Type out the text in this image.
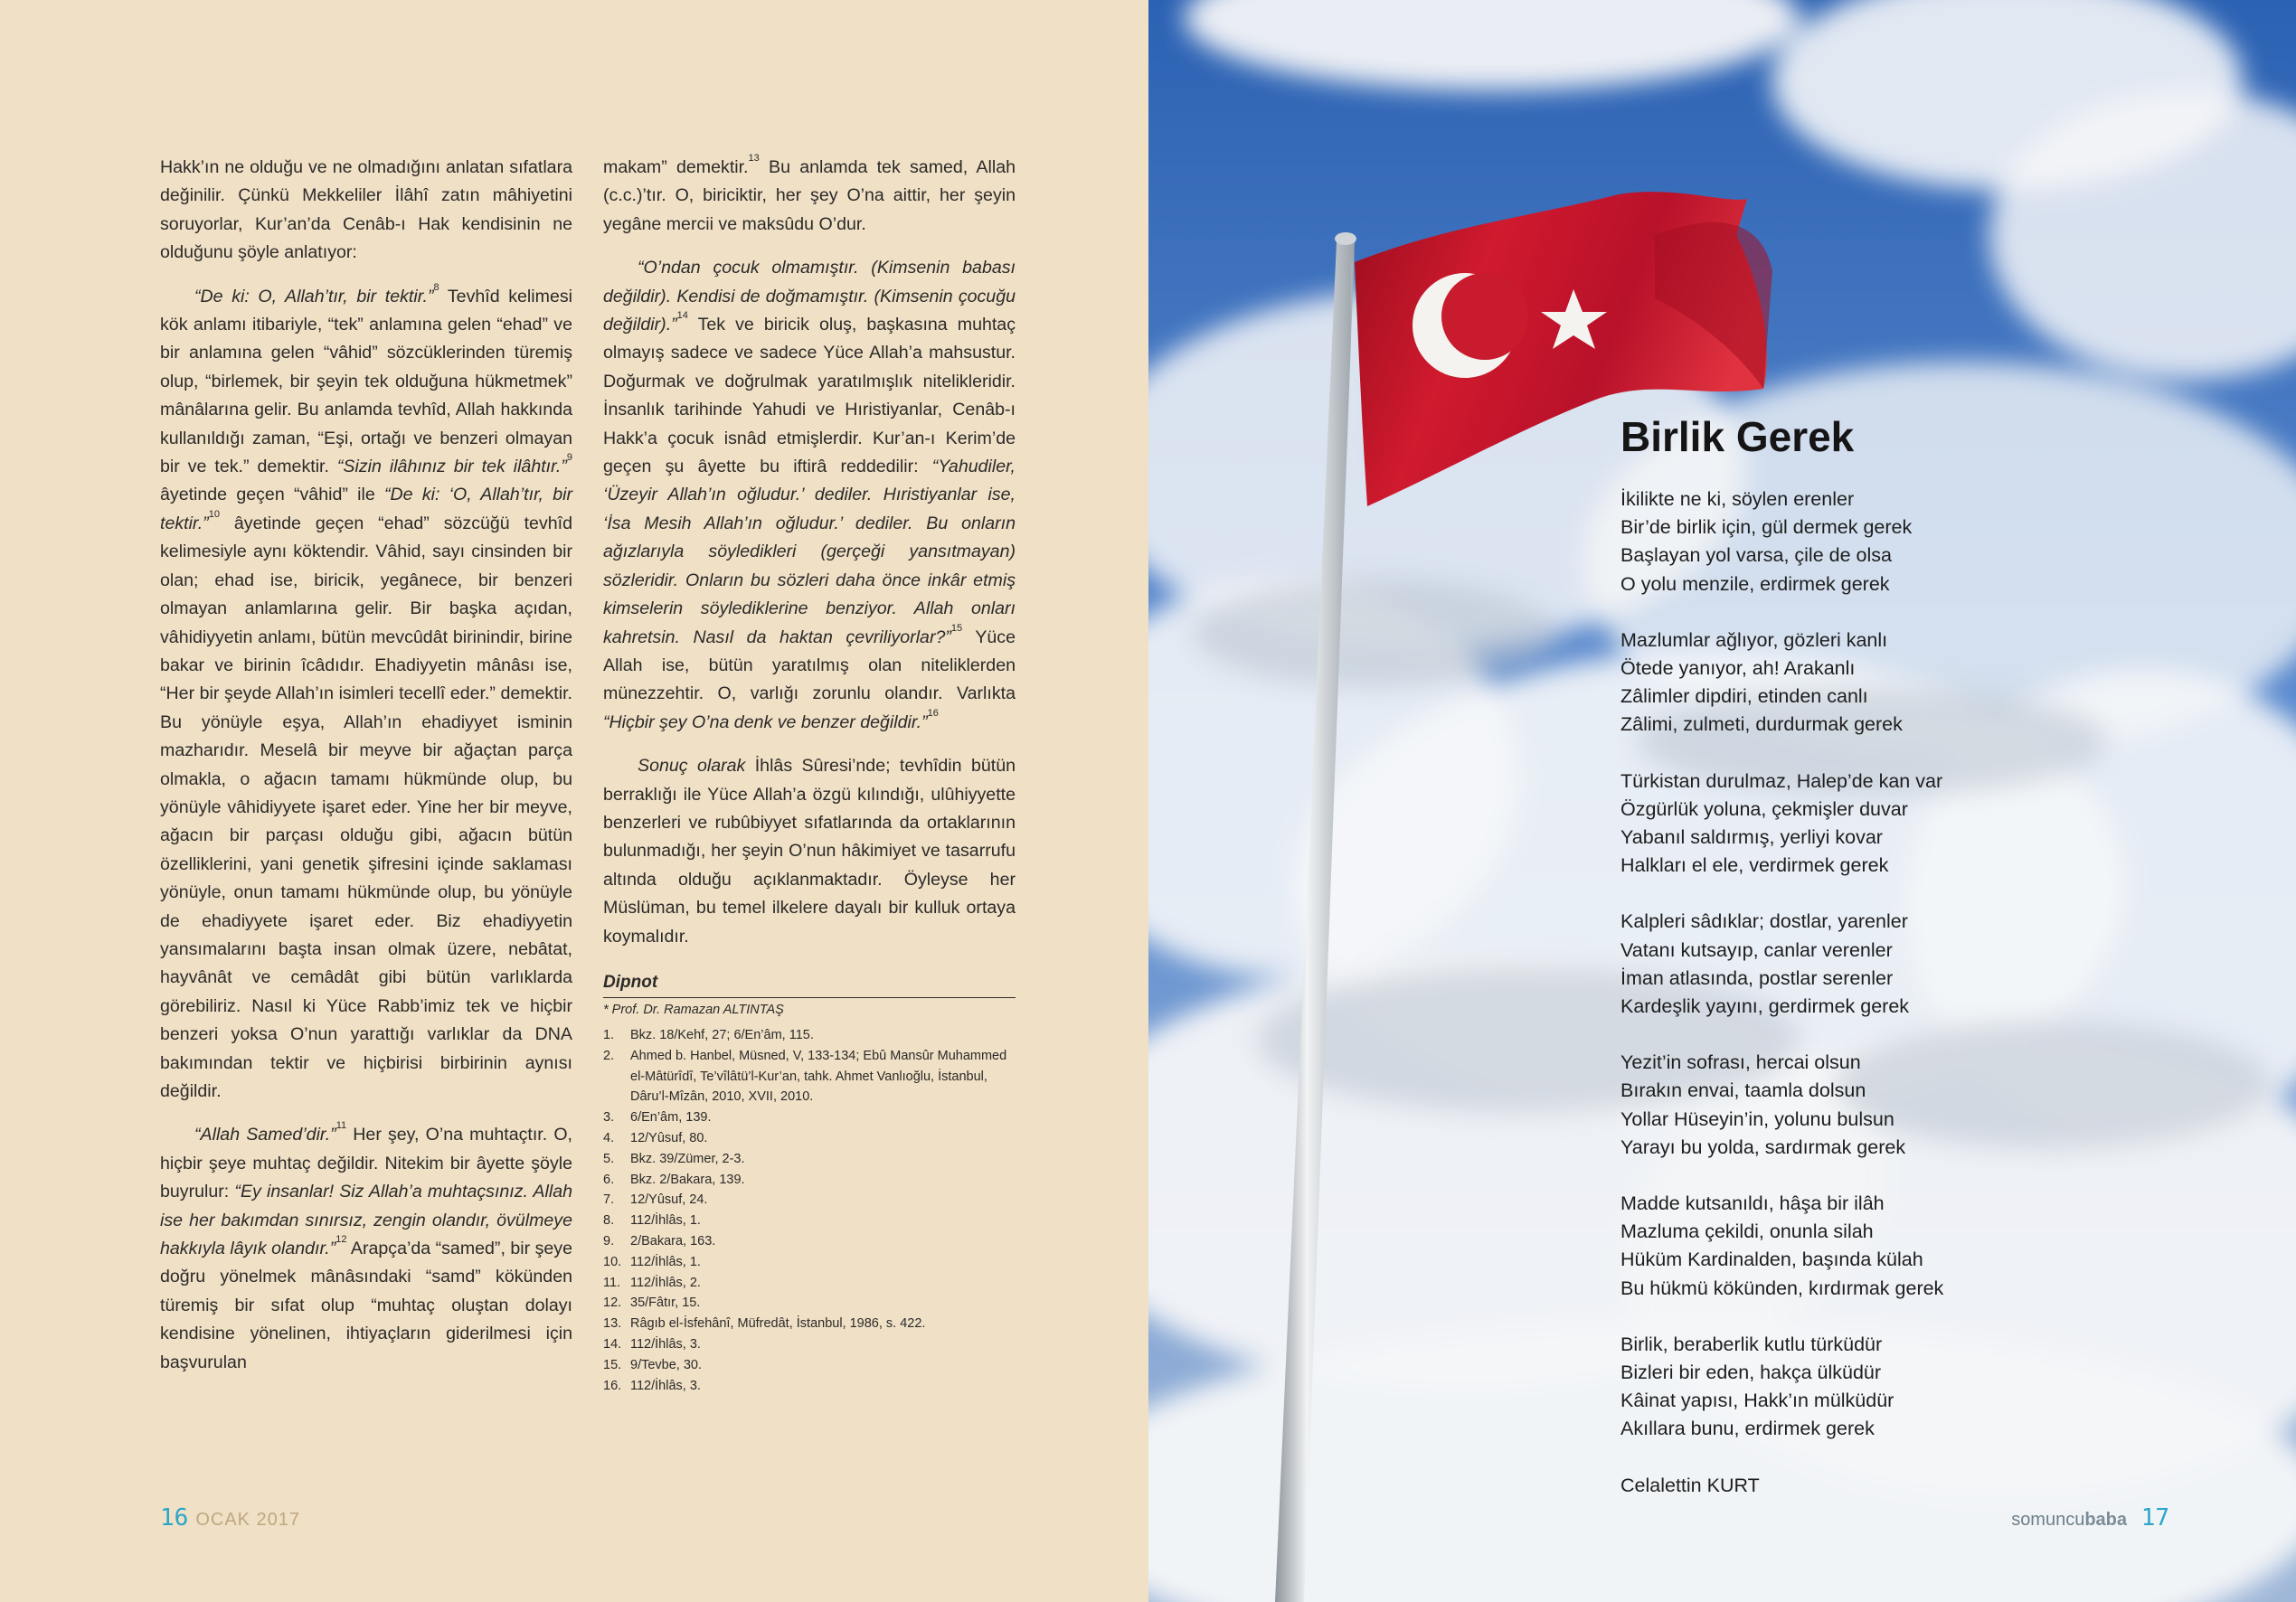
Hakk’ın ne olduğu ve ne olmadığını anlatan sıfatlara değinilir. Çünkü Mekkeliler İlâhî zatın mâhiyetini soruyorlar, Kur’an’da Cenâb-ı Hak kendisinin ne olduğunu şöyle anlatıyor:

“De ki: O, Allah’tır, bir tektir.”$^8$ Tevhîd kelimesi kök anlamı itibariyle, “tek” anlamına gelen “ehad” ve bir anlamına gelen “vâhid” sözcüklerinden türemiş olup, “birlemek, bir şeyin tek olduğuna hükmetmek” mânâlarına gelir. Bu anlamda tevhîd, Allah hakkında kullanıldığı zaman, “Eşi, ortağı ve benzeri olmayan bir ve tek.” demektir. “Sizin ilâhınız bir tek ilâhtır.”$^9$ âyetinde geçen “vâhid” ile “De ki: ‘O, Allah’tır, bir tektir.”$^{10}$ âyetinde geçen “ehad” sözcüğü tevhîd kelimesiyle aynı köktendir. Vâhid, sayı cinsinden bir olan; ehad ise, biricik, yegânece, bir benzeri olmayan anlamlarına gelir. Bir başka açıdan, vâhidiyyetin anlamı, bütün mevcûdât birinindir, birine bakar ve birinin îcâdıdır. Ehadiyyetin mânâsı ise, “Her bir şeyde Allah’ın isimleri tecellî eder.” demektir. Bu yönüyle eşya, Allah’ın ehadiyyet isminin mazharıdır. Meselâ bir meyve bir ağaçtan parça olmakla, o ağacın tamamı hükmünde olup, bu yönüyle vâhidiyyete işaret eder. Yine her bir meyve, ağacın bir parçası olduğu gibi, ağacın bütün özelliklerini, yani genetik şifresini içinde saklaması yönüyle, onun tamamı hükmünde olup, bu yönüyle de ehadiyyete işaret eder. Biz ehadiyyetin yansımalarını başta insan olmak üzere, nebâtat, hayvânât ve cemâdât gibi bütün varlıklarda görebiliriz. Nasıl ki Yüce Rabb’imiz tek ve hiçbir benzeri yoksa O’nun yarattığı varlıklar da DNA bakımından tektir ve hiçbirisi birbirinin aynısı değildir.

“Allah Samed’dir.”$^{11}$ Her şey, O’na muhtaçtır. O, hiçbir şeye muhtaç değildir. Nitekim bir âyette şöyle buyrulur: “Ey insanlar! Siz Allah’a muhtaçsınız. Allah ise her bakımdan sınırsız, zengin olandır, övülmeye hakkıyla lâyık olandır.”$^{12}$ Arapça’da “samed”, bir şeye doğru yönelmek mânâsındaki “samd” kökünden türemiş bir sıfat olup “muhtaç oluştan dolayı kendisine yönelinen, ihtiyaçların giderilmesi için başvurulan

makam” demektir.$^{13}$ Bu anlamda tek samed, Allah (c.c.)’tır. O, biriciktir, her şey O’na aittir, her şeyin yegâne mercii ve maksûdu O’dur.

“O’ndan çocuk olmamıştır. (Kimsenin babası değildir). Kendisi de doğmamıştır. (Kimsenin çocuğu değildir).”$^{14}$ Tek ve biricik oluş, başkasına muhtaç olmayış sadece ve sadece Yüce Allah’a mahsustur. Doğurmak ve doğrulmak yaratılmışlık nitelikleridir. İnsanlık tarihinde Yahudi ve Hıristiyanlar, Cenâb-ı Hakk’a çocuk isnâd etmişlerdir. Kur’an-ı Kerim’de geçen şu âyette bu iftirâ reddedilir: “Yahudiler, ‘Üzeyir Allah’ın oğludur.’ dediler. Hıristiyanlar ise, ‘İsa Mesih Allah’ın oğludur.’ dediler. Bu onların ağızlarıyla söyledikleri (gerçeği yansıtmayan) sözleridir. Onların bu sözleri daha önce inkâr etmiş kimselerin söylediklerine benziyor. Allah onları kahretsin. Nasıl da haktan çevriliyorlar?”$^{15}$ Yüce Allah ise, bütün yaratılmış olan niteliklerden münezzehtir. O, varlığı zorunlu olandır. Varlıkta “Hiçbir şey O’na denk ve benzer değildir.”$^{16}$

Sonuç olarak İhlâs Sûresi’nde; tevhîdin bütün berraklığı ile Yüce Allah’a özgü kılındığı, ulûhiyyette benzerleri ve rubûbiyyet sıfatlarında da ortaklarının bulunmadığı, her şeyin O’nun hâkimiyet ve tasarrufu altında olduğu açıklanmaktadır. Öyleyse her Müslüman, bu temel ilkelere dayalı bir kulluk ortaya koymalıdır.

Dipnot
* Prof. Dr. Ramazan ALTINTAŞ
1. Bkz. 18/Kehf, 27; 6/En’âm, 115.
2. Ahmed b. Hanbel, Müsned, V, 133-134; Ebû Mansûr Muhammed el-Mâtürîdî, Te’vîlâtü’l-Kur’an, tahk. Ahmet Vanlıoğlu, İstanbul, Dâru’l-Mîzân, 2010, XVII, 2010.
3. 6/En’âm, 139.
4. 12/Yûsuf, 80.
5. Bkz. 39/Zümer, 2-3.
6. Bkz. 2/Bakara, 139.
7. 12/Yûsuf, 24.
8. 112/İhlâs, 1.
9. 2/Bakara, 163.
10. 112/İhlâs, 1.
11. 112/İhlâs, 2.
12. 35/Fâtır, 15.
13. Râgıb el-İsfehânî, Müfredât, İstanbul, 1986, s. 422.
14. 112/İhlâs, 3.
15. 9/Tevbe, 30.
16. 112/İhlâs, 3.
16 OCAK 2017
Birlik Gerek
İkilikte ne ki, söylen erenler
Bir’de birlik için, gül dermek gerek
Başlayan yol varsa, çile de olsa
O yolu menzile, erdirmek gerek
Mazlumlar ağlıyor, gözleri kanlı
Ötede yanıyor, ah! Arakanlı
Zâlimler dipdiri, etinden canlı
Zâlimi, zulmeti, durdurmak gerek
Türkistan durulmaz, Halep’de kan var
Özgürlük yoluna, çekmişler duvar
Yabanıl saldırmış, yerliyi kovar
Halkları el ele, verdirmek gerek
Kalpleri sâdıklar; dostlar, yarenler
Vatanı kutsayıp, canlar verenler
İman atlasında, postlar serenler
Kardeşlik yayını, gerdirmek gerek
Yezit’in sofrası, hercai olsun
Bırakın envai, taamla dolsun
Yollar Hüseyin’in, yolunu bulsun
Yarayı bu yolda, sardırmak gerek
Madde kutsanıldı, hâşa bir ilâh
Mazluma çekildi, onunla silah
Hüküm Kardinalden, başında külah
Bu hükmü kökünden, kırdırmak gerek
Birlik, beraberlik kutlu türküdür
Bizleri bir eden, hakça ülküdür
Kâinat yapısı, Hakk’ın mülküdür
Akıllara bunu, erdirmek gerek
Celalettin KURT
somuncubaba 17
